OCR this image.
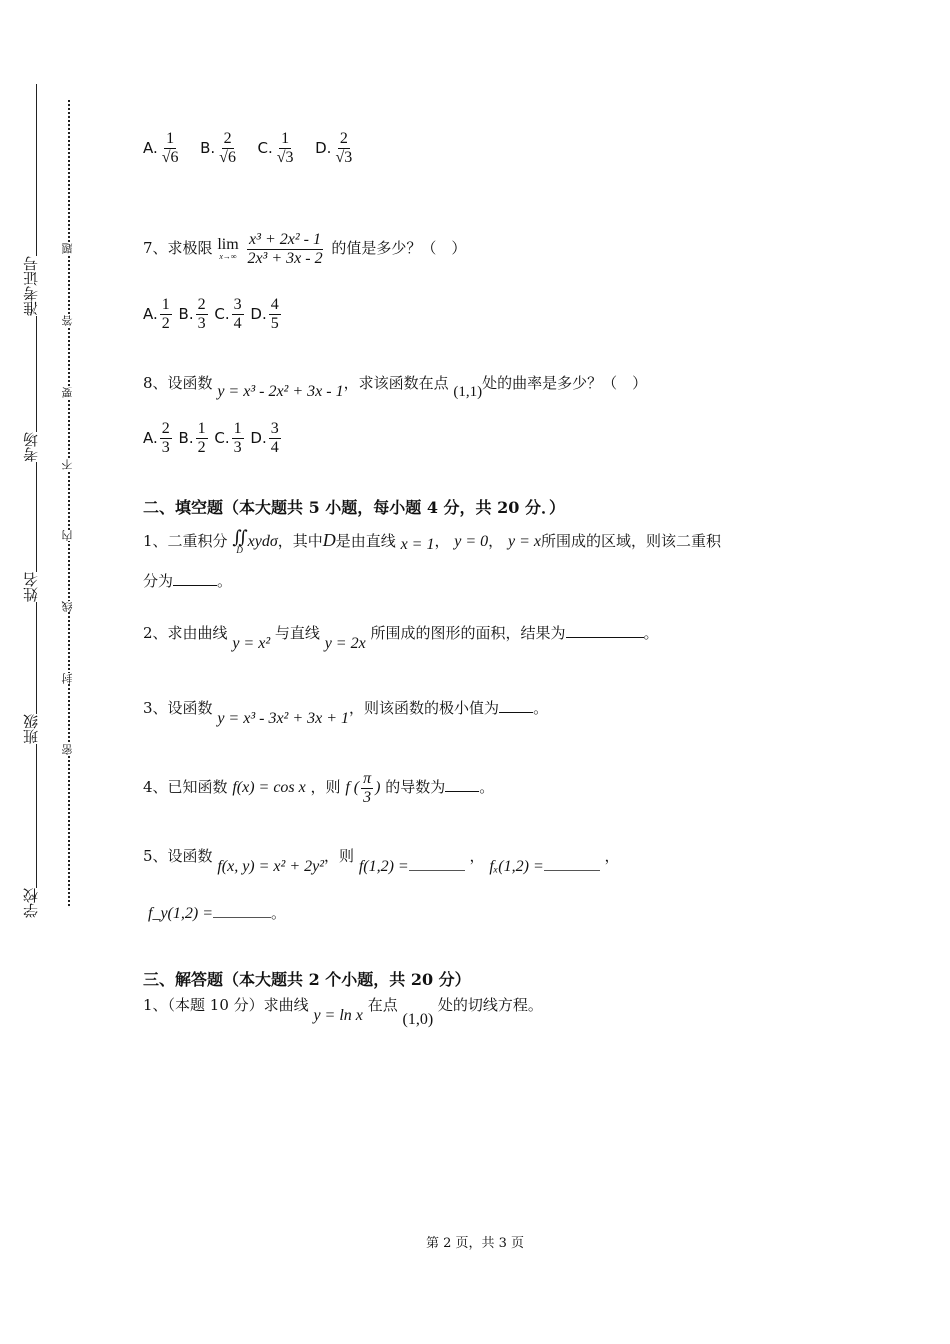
准考证号
考场
姓名
班级
学校
题
答
要
不
内
线
封
密
A. $\frac{1}{√6} B$. $\frac{2}{√6} C$. $\frac{1}{√3} D$. $\frac{2}{√3}$
7、求极限 lim
x→∞
$\frac{\text{x³ + 2x² - 1}}{\text{2x³ + 3x - 2}}$ 的值是多少？（　）
A. $\frac{1}{2} B$. $\frac{2}{3} C$. $\frac{3}{4} D$. $\frac{4}{5}$
8、设函数 y = x³ - 2x² + 3x - 1，求该函数在点 (1,1)处的曲率是多少？（　）
A. $\frac{2}{3} B$. $\frac{1}{2} C$. $\frac{1}{3} D$. $\frac{3}{4}$
二、填空题（本大题共 5 小题，每小题 4 分，共 20 分．）
1、二重积分 ∬
D xydσ，其中D是由直线 x = 1， y = 0， y = x所围成的区域，则该二重积
分为	。
2、求由曲线 y = x² 与直线 y = 2x 所围成的图形的面积，结果为	。
3、设函数 y = x³ - 3x² + 3x + 1，则该函数的极小值为 。
4、已知函数 f(x) = cos x ，则 f ( $\frac{\pi}{3}$ ) 的导数为 。
5、设函数 f(x, y) = x² + 2y²，则 f(1,2) = ， fₓ(1,2) = ，
f_y(1,2) =	。
三、解答题（本大题共 2 个小题，共 20 分）
1、（本题 10 分）求曲线 y = ln x 在点 (1,0) 处的切线方程。
第 2 页，共 3 页
